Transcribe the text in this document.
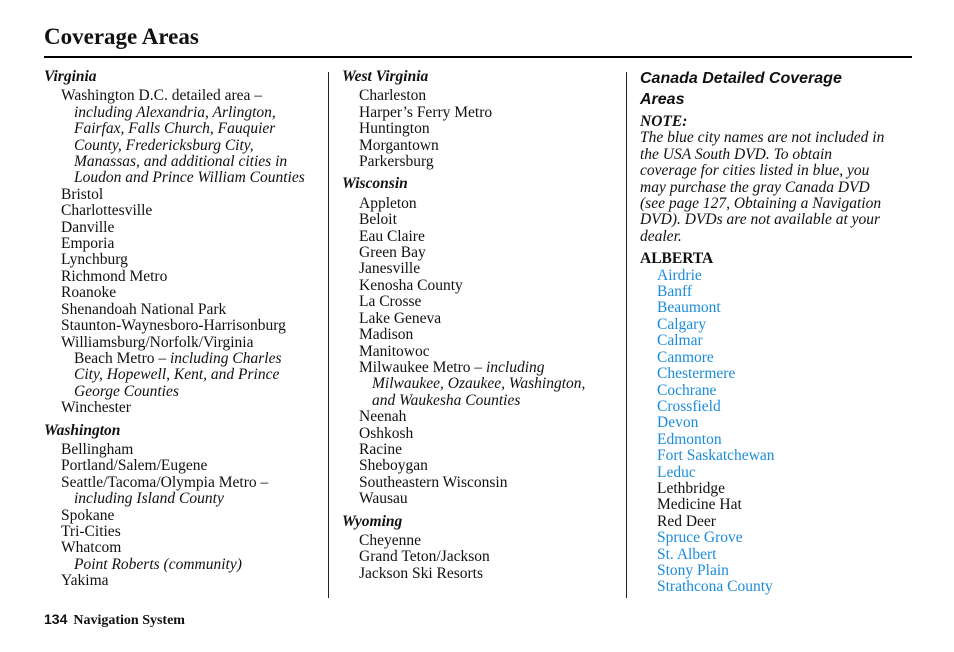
Coverage Areas
Virginia
Washington D.C. detailed area –
including Alexandria, Arlington,
Fairfax, Falls Church, Fauquier
County, Fredericksburg City,
Manassas, and additional cities in
Loudon and Prince William Counties
Bristol
Charlottesville
Danville
Emporia
Lynchburg
Richmond Metro
Roanoke
Shenandoah National Park
Staunton-Waynesboro-Harrisonburg
Williamsburg/Norfolk/Virginia
Beach Metro – including Charles
City, Hopewell, Kent, and Prince
George Counties
Winchester
Washington
Bellingham
Portland/Salem/Eugene
Seattle/Tacoma/Olympia Metro –
including Island County
Spokane
Tri-Cities
Whatcom
Point Roberts (community)
Yakima
West Virginia
Charleston
Harper’s Ferry Metro
Huntington
Morgantown
Parkersburg
Wisconsin
Appleton
Beloit
Eau Claire
Green Bay
Janesville
Kenosha County
La Crosse
Lake Geneva
Madison
Manitowoc
Milwaukee Metro – including
Milwaukee, Ozaukee, Washington,
and Waukesha Counties
Neenah
Oshkosh
Racine
Sheboygan
Southeastern Wisconsin
Wausau
Wyoming
Cheyenne
Grand Teton/Jackson
Jackson Ski Resorts
Canada Detailed Coverage
Areas
NOTE:
The blue city names are not included in
the USA South DVD. To obtain
coverage for cities listed in blue, you
may purchase the gray Canada DVD
(see page 127, Obtaining a Navigation
DVD). DVDs are not available at your
dealer.
ALBERTA
Airdrie
Banff
Beaumont
Calgary
Calmar
Canmore
Chestermere
Cochrane
Crossfield
Devon
Edmonton
Fort Saskatchewan
Leduc
Lethbridge
Medicine Hat
Red Deer
Spruce Grove
St. Albert
Stony Plain
Strathcona County
134 Navigation System
